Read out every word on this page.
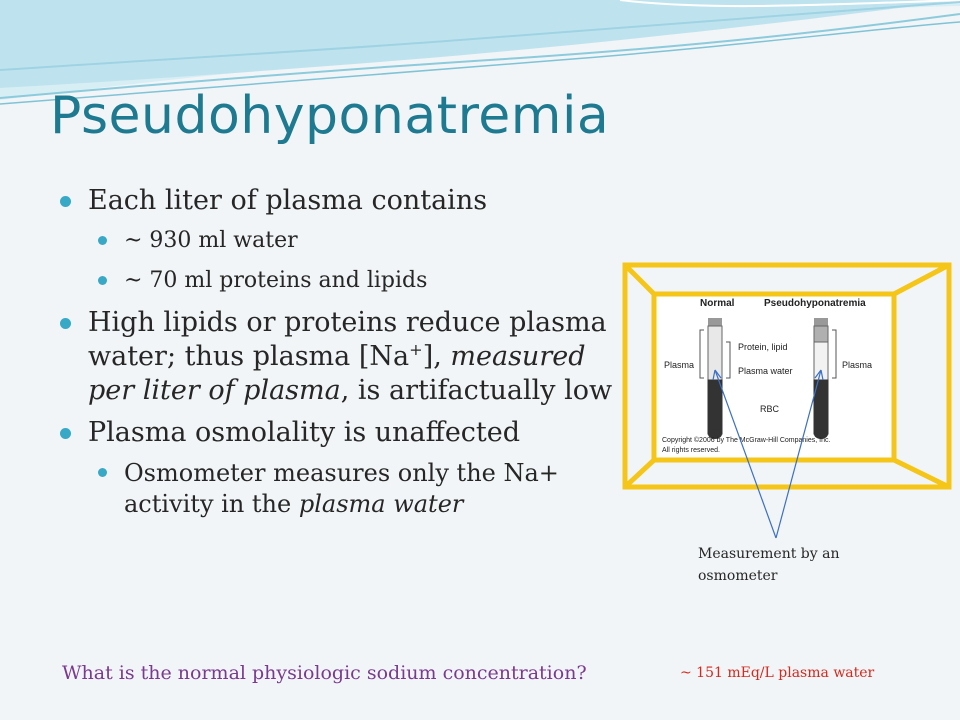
Pseudohyponatremia
Each liter of plasma contains
~ 930 ml water
~ 70 ml proteins and lipids
High lipids or proteins reduce plasma water; thus plasma [Na+], measured per liter of plasma, is artifactually low
Plasma osmolality is unaffected
Osmometer measures only the Na+ activity in the plasma water
Normal	Pseudohyponatremia
Plasma
Protein, lipid
Plasma water
RBC
Plasma
Copyright ©2006 by The McGraw-Hill Companies, Inc.
All rights reserved.
Measurement by an osmometer
What is the normal physiologic sodium concentration?	~ 151 mEq/L plasma water
